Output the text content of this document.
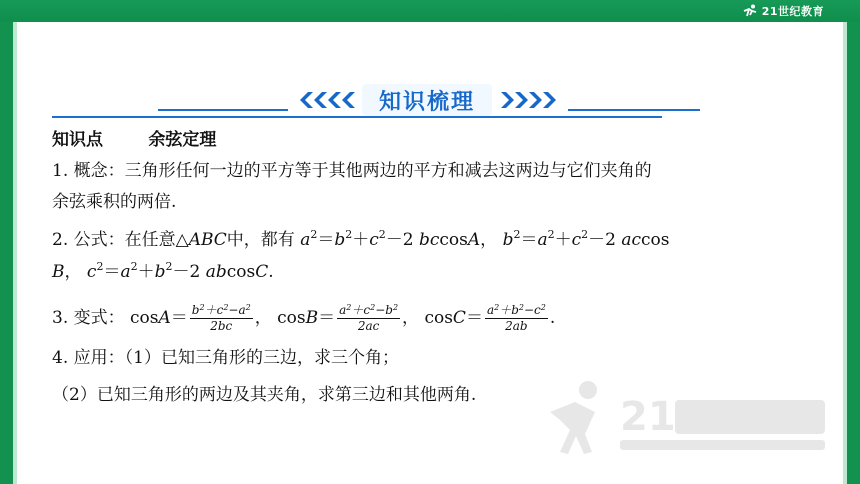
21世纪教育
知识梳理
知识点	余弦定理
1. 概念：三角形任何一边的平方等于其他两边的平方和减去这两边与它们夹角的
余弦乘积的两倍.
2. 公式：在任意△ABC中，都有 $a^2=b^2+c^2-2$ bccosA， $b^2=a^2+c^2-2$ accos
B， $c^2=a^2+b^2-2$ abcosC.
3. 变式： $\cos A= \frac{b^2+c^2-a^2}{2bc}$ ， $\cos B= \frac{a^2+c^2-b^2}{2ac}$ ， $\cos C= \frac{a^2+b^2-c^2}{2ab}$ .
4. 应用：（1）已知三角形的三边，求三个角；
（2）已知三角形的两边及其夹角，求第三边和其他两角.	21
